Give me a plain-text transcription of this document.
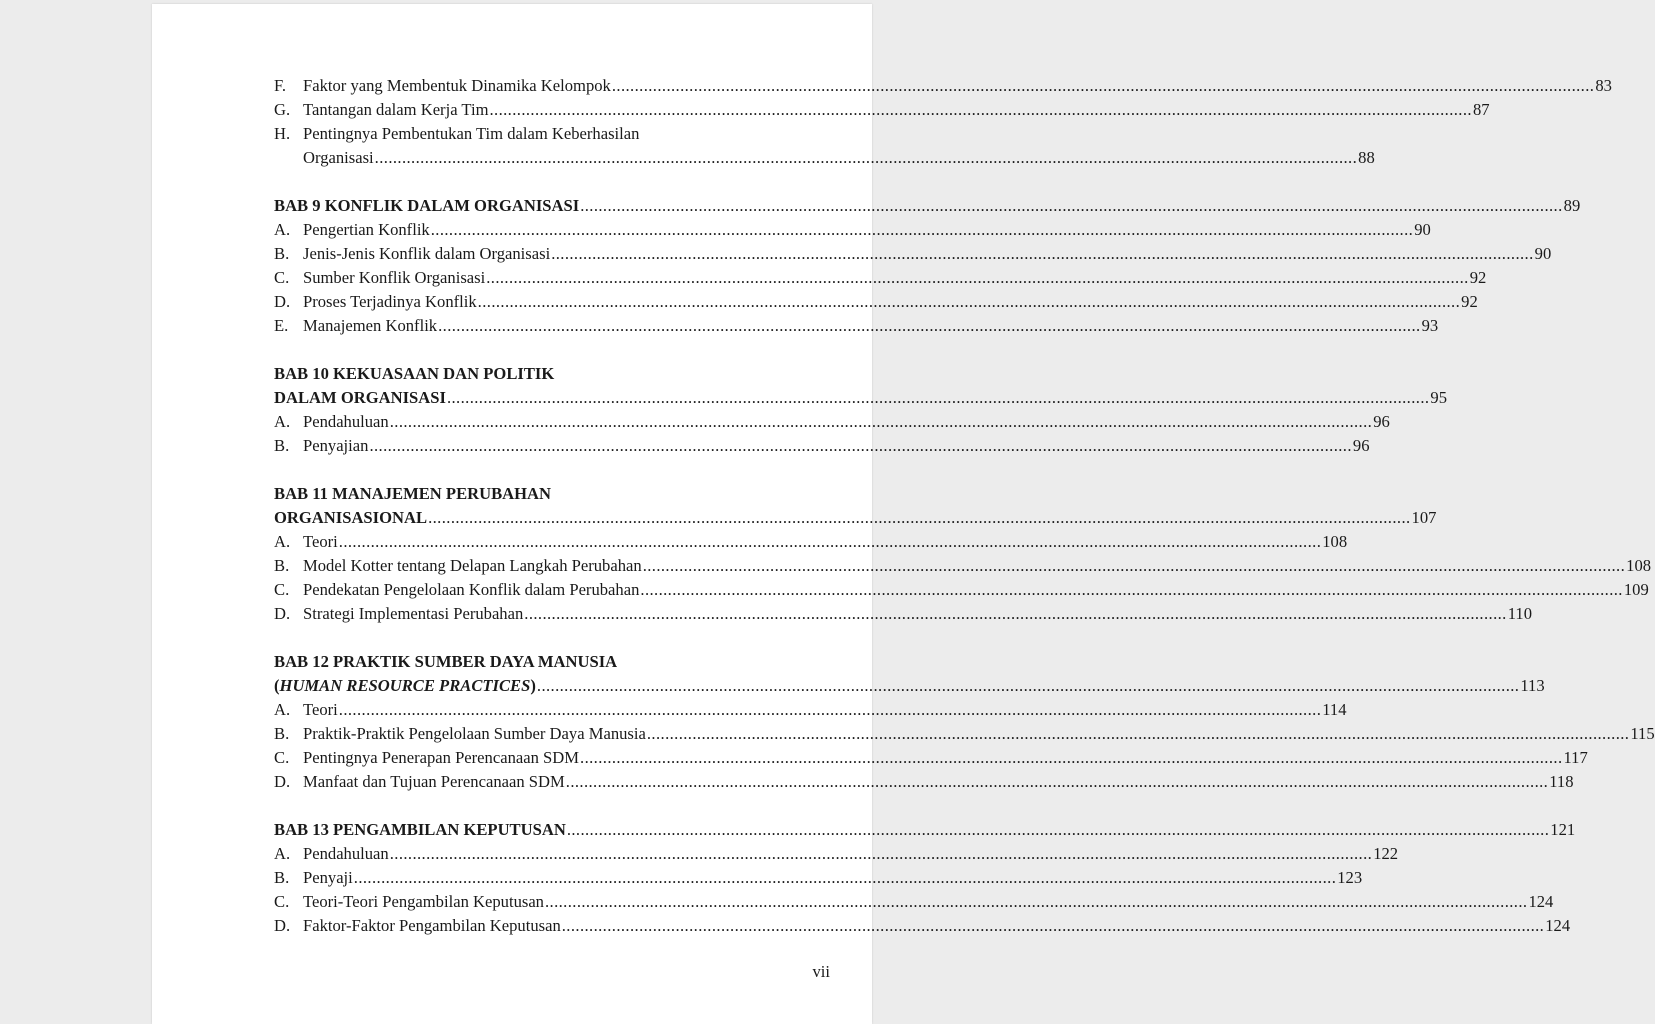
F.	Faktor yang Membentuk Dinamika Kelompok .....	83
G. Tantangan dalam Kerja Tim .....	87
H. Pentingnya Pembentukan Tim dalam Keberhasilan
Organisasi .....	88
BAB 9 KONFLIK DALAM ORGANISASI .....	89
A. Pengertian Konflik .....	90
B. Jenis-Jenis Konflik dalam Organisasi .....	90
C. Sumber Konflik Organisasi .....	92
D. Proses Terjadinya Konflik .....	92
E. Manajemen Konflik .....	93
BAB 10 KEKUASAAN DAN POLITIK
DALAM ORGANISASI .....	95
A. Pendahuluan .....	96
B. Penyajian .....	96
BAB 11 MANAJEMEN PERUBAHAN
ORGANISASIONAL .....	107
A. Teori .....	108
B. Model Kotter tentang Delapan Langkah Perubahan .....	108
C. Pendekatan Pengelolaan Konflik dalam Perubahan .....	109
D. Strategi Implementasi Perubahan .....	110
BAB 12 PRAKTIK SUMBER DAYA MANUSIA
(HUMAN RESOURCE PRACTICES) .....	113
A. Teori .....	114
B. Praktik-Praktik Pengelolaan Sumber Daya Manusia .....	115
C. Pentingnya Penerapan Perencanaan SDM .....	117
D. Manfaat dan Tujuan Perencanaan SDM .....	118
BAB 13 PENGAMBILAN KEPUTUSAN .....	121
A. Pendahuluan .....	122
B. Penyaji .....	123
C. Teori-Teori Pengambilan Keputusan .....	124
D. Faktor-Faktor Pengambilan Keputusan .....	124
vii
